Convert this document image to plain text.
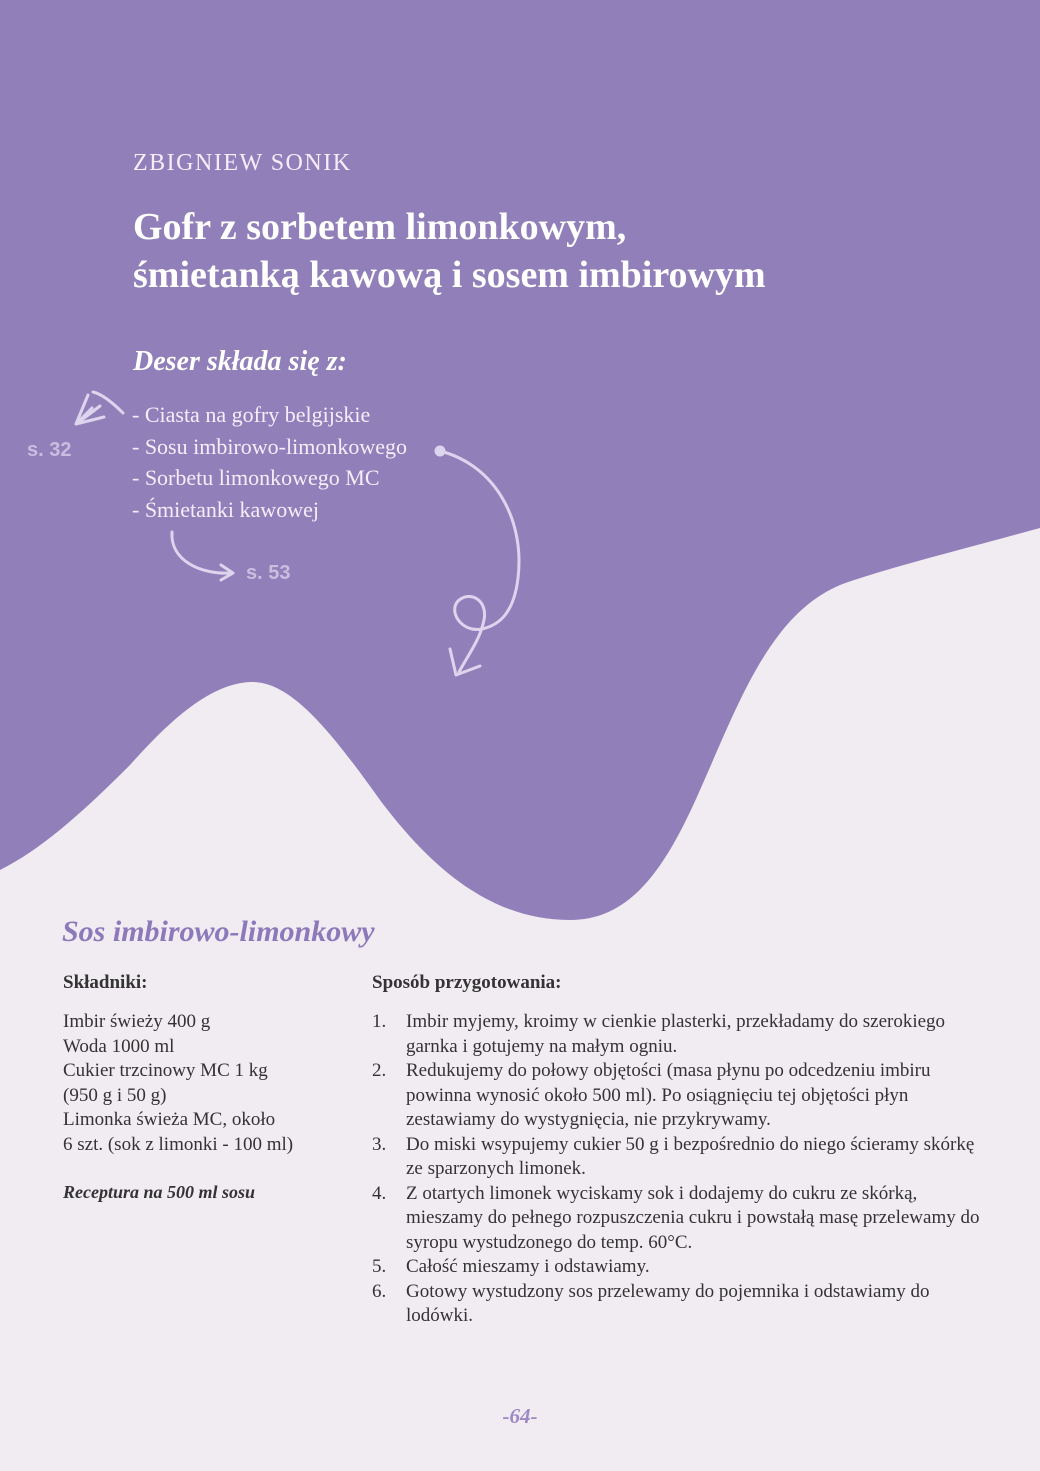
ZBIGNIEW SONIK
Gofr z sorbetem limonkowym,
śmietanką kawową i sosem imbirowym
Deser składa się z:
- Ciasta na gofry belgijskie
- Sosu imbirowo-limonkowego
- Sorbetu limonkowego MC
- Śmietanki kawowej
s. 32
s. 53
Sos imbirowo-limonkowy
Składniki:
Imbir świeży 400 g
Woda 1000 ml
Cukier trzcinowy MC 1 kg
(950 g i 50 g)
Limonka świeża MC, około
6 szt. (sok z limonki - 100 ml)
Receptura na 500 ml sosu
Sposób przygotowania:
1. Imbir myjemy, kroimy w cienkie plasterki, przekładamy do szerokiego garnka i gotujemy na małym ogniu.
2. Redukujemy do połowy objętości (masa płynu po odcedzeniu imbiru powinna wynosić około 500 ml). Po osiągnięciu tej objętości płyn zestawiamy do wystygnięcia, nie przykrywamy.
3. Do miski wsypujemy cukier 50 g i bezpośrednio do niego ścieramy skórkę ze sparzonych limonek.
4. Z otartych limonek wyciskamy sok i dodajemy do cukru ze skórką, mieszamy do pełnego rozpuszczenia cukru i powstałą masę przelewamy do syropu wystudzonego do temp. 60°C.
5. Całość mieszamy i odstawiamy.
6. Gotowy wystudzony sos przelewamy do pojemnika i odstawiamy do lodówki.
-64-
